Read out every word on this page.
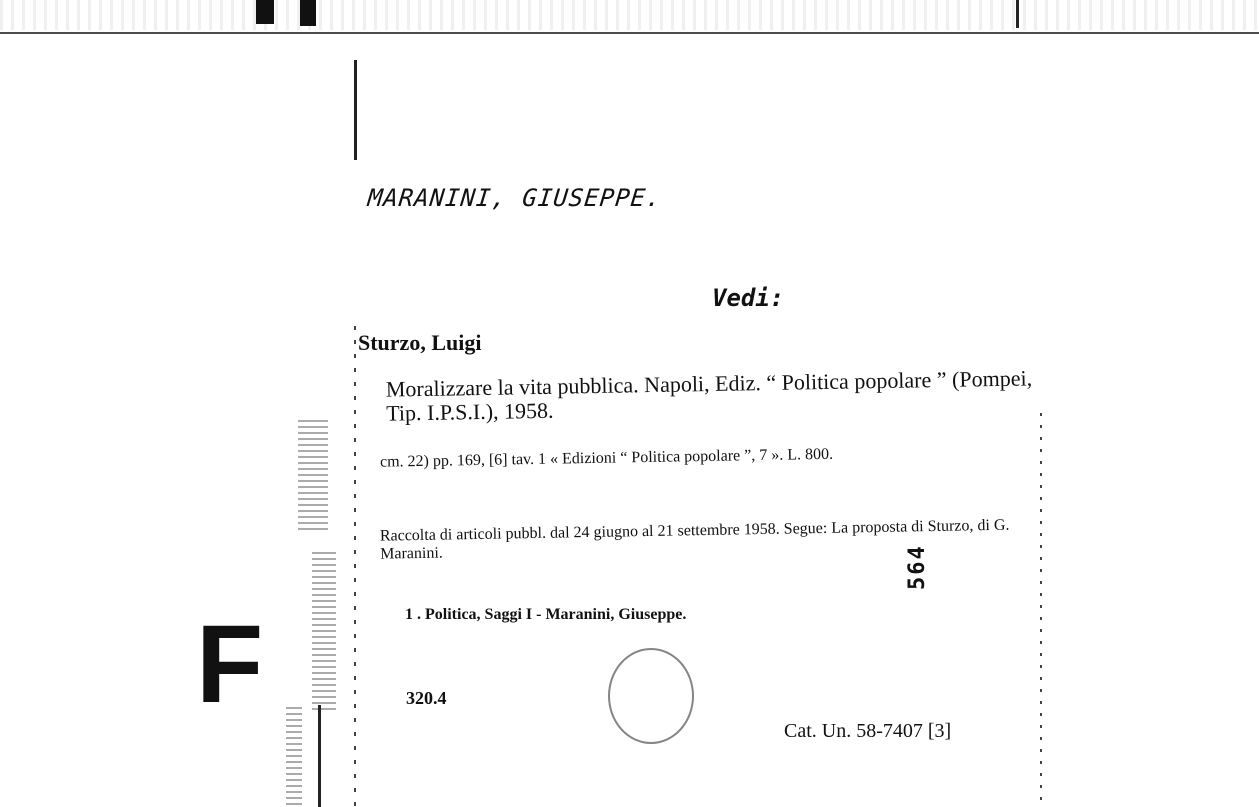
MARANINI, GIUSEPPE.
Vedi:
Sturzo, Luigi
Moralizzare la vita pubblica. Napoli, Ediz. “ Politica popolare ” (Pompei, Tip. I.P.S.I.), 1958.
cm. 22) pp. 169, [6] tav. 1 « Edizioni “ Politica popolare ”, 7 ». L. 800.
Raccolta di articoli pubbl. dal 24 giugno al 21 settembre 1958. Segue: La proposta di Sturzo, di G. Maranini.
1 . Politica, Saggi I - Maranini, Giuseppe.
320.4
Cat. Un. 58-7407 [3]
564
F
